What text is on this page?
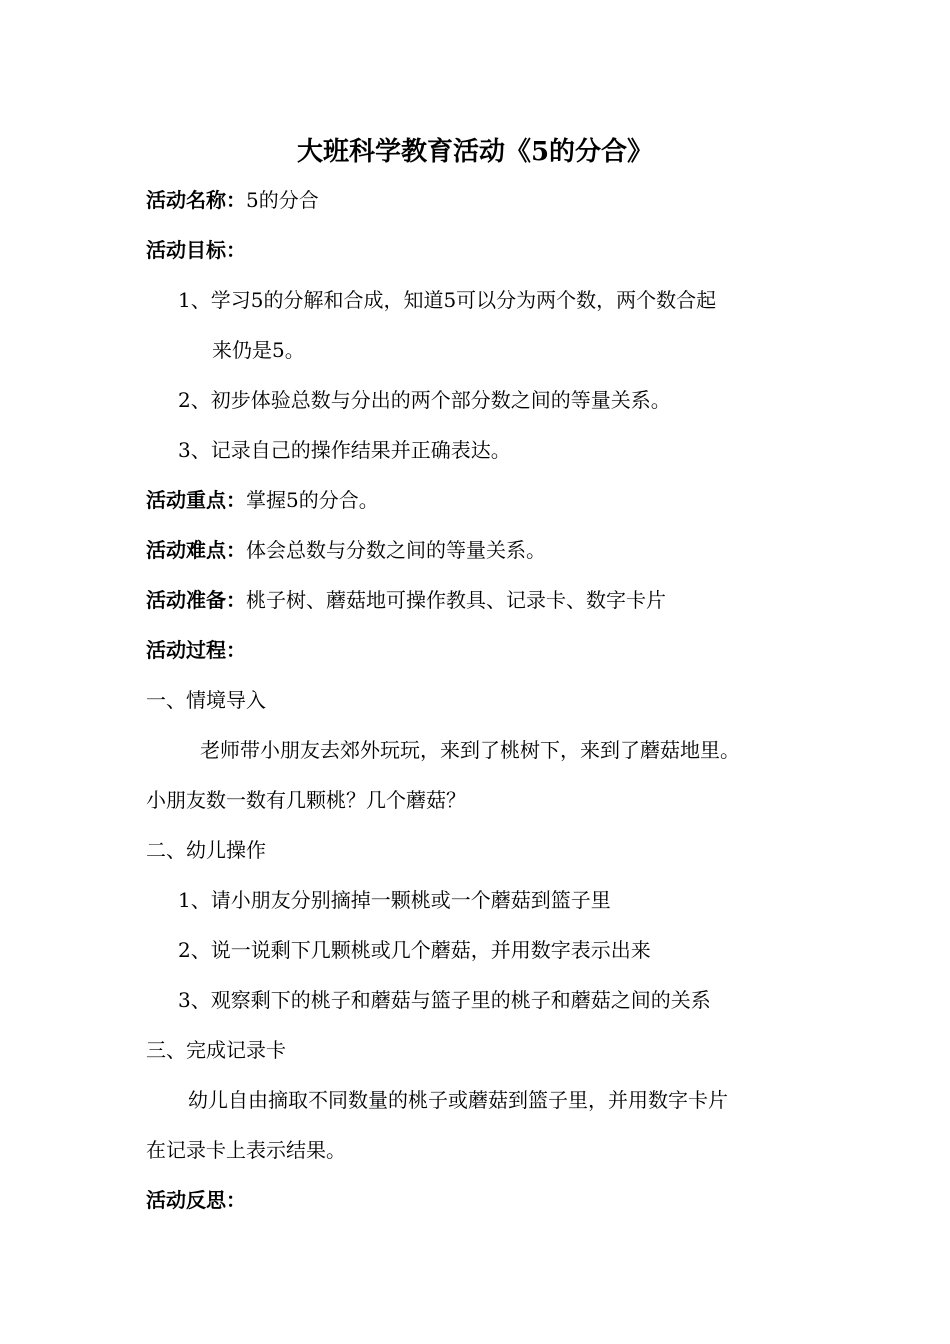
大班科学教育活动《5的分合》
活动名称：5的分合
活动目标：
1、学习5的分解和合成，知道5可以分为两个数，两个数合起
来仍是5。
2、初步体验总数与分出的两个部分数之间的等量关系。
3、记录自己的操作结果并正确表达。
活动重点：掌握5的分合。
活动难点：体会总数与分数之间的等量关系。
活动准备：桃子树、蘑菇地可操作教具、记录卡、数字卡片
活动过程：
一、情境导入
老师带小朋友去郊外玩玩，来到了桃树下，来到了蘑菇地里。
小朋友数一数有几颗桃？几个蘑菇？
二、幼儿操作
1、请小朋友分别摘掉一颗桃或一个蘑菇到篮子里
2、说一说剩下几颗桃或几个蘑菇，并用数字表示出来
3、观察剩下的桃子和蘑菇与篮子里的桃子和蘑菇之间的关系
三、完成记录卡
幼儿自由摘取不同数量的桃子或蘑菇到篮子里，并用数字卡片
在记录卡上表示结果。
活动反思：
